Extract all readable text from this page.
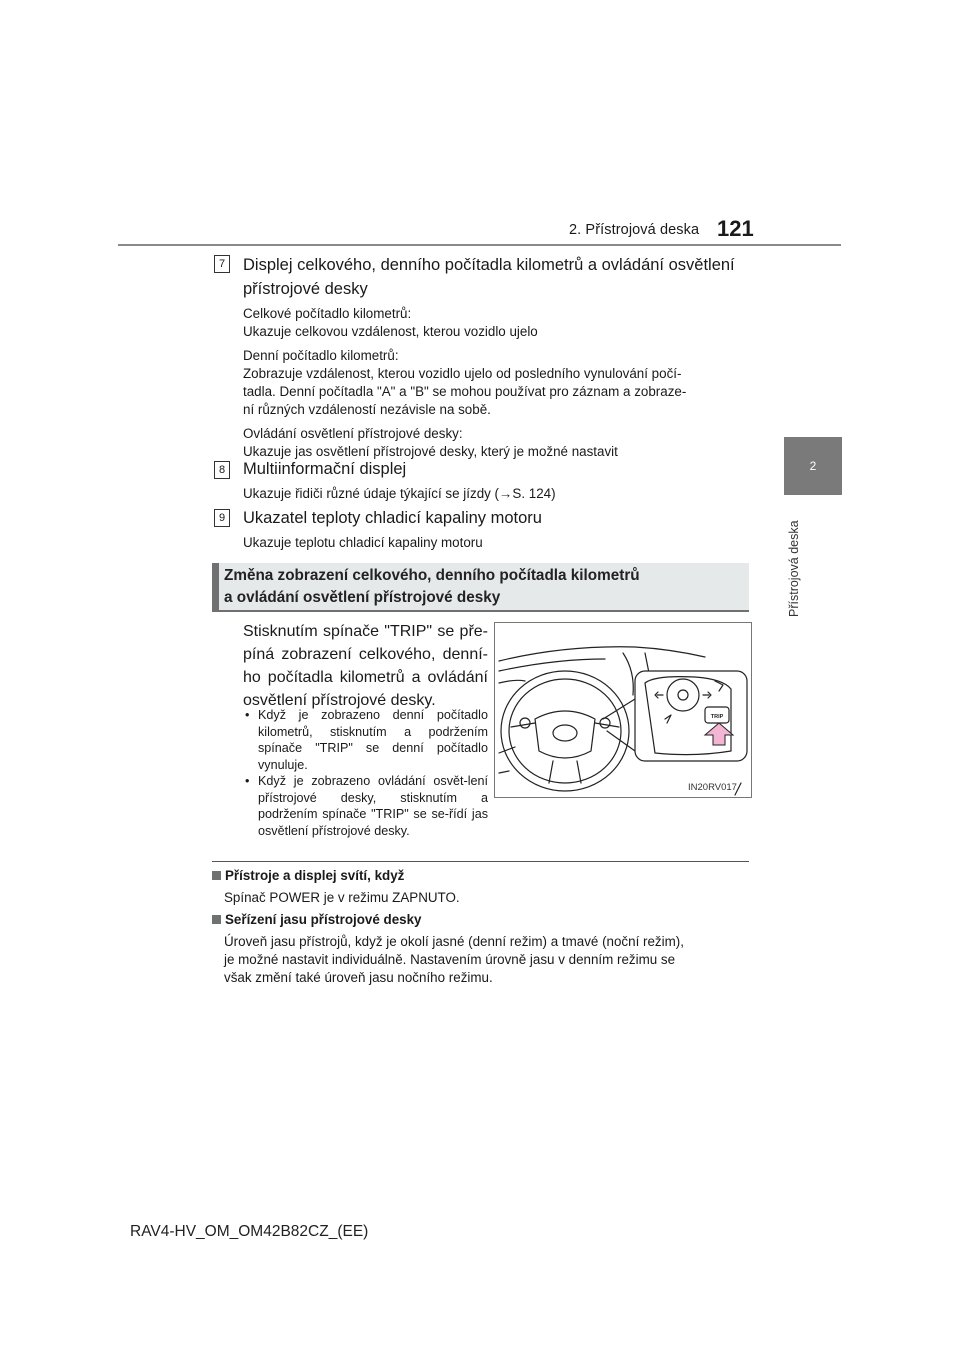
2. Přístrojová deska 121
2
Přístrojová deska
7 Displej celkového, denního počítadla kilometrů a ovládání osvětlení
přístrojové desky
Celkové počítadlo kilometrů:
Ukazuje celkovou vzdálenost, kterou vozidlo ujelo
Denní počítadlo kilometrů:
Zobrazuje vzdálenost, kterou vozidlo ujelo od posledního vynulování počí-
tadla. Denní počítadla "A" a "B" se mohou používat pro záznam a zobraze-
ní různých vzdáleností nezávisle na sobě.
Ovládání osvětlení přístrojové desky:
Ukazuje jas osvětlení přístrojové desky, který je možné nastavit
8 Multiinformační displej
Ukazuje řidiči různé údaje týkající se jízdy (→S. 124)
9 Ukazatel teploty chladicí kapaliny motoru
Ukazuje teplotu chladicí kapaliny motoru
Změna zobrazení celkového, denního počítadla kilometrů
a ovládání osvětlení přístrojové desky
Stisknutím spínače "TRIP" se pře-píná zobrazení celkového, denní-ho počítadla kilometrů a ovládání osvětlení přístrojové desky.
• Když je zobrazeno denní počítadlo kilometrů, stisknutím a podržením spínače "TRIP" se denní počítadlo vynuluje.
• Když je zobrazeno ovládání osvět-lení přístrojové desky, stisknutím a podržením spínače "TRIP" se se-řídí jas osvětlení přístrojové desky.
TRIP
IN20RV017
Přístroje a displej svítí, když
Spínač POWER je v režimu ZAPNUTO.
Seřízení jasu přístrojové desky
Úroveň jasu přístrojů, když je okolí jasné (denní režim) a tmavé (noční režim),
je možné nastavit individuálně. Nastavením úrovně jasu v denním režimu se
však změní také úroveň jasu nočního režimu.
RAV4-HV_OM_OM42B82CZ_(EE)
